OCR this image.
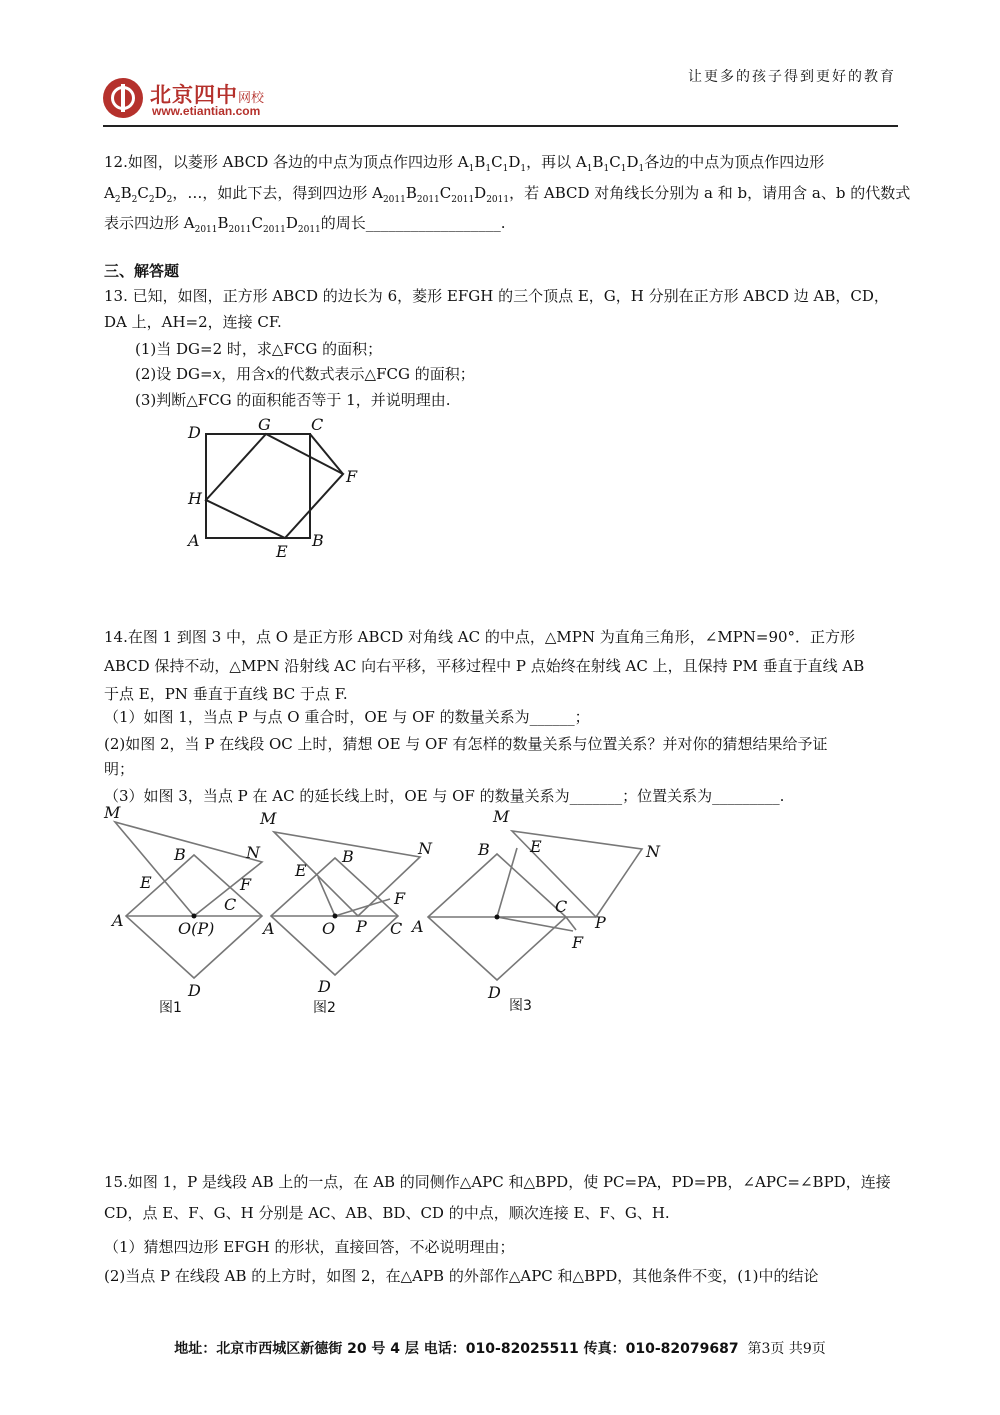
北京四中网校
www.etiantian.com
让更多的孩子得到更好的教育
12.如图，以菱形 ABCD 各边的中点为顶点作四边形 $A_1B_1C_1D_1$，再以 $A_1B_1C_1D_1$各边的中点为顶点作四边形
$A_2B_2C_2D_2$，…，如此下去，得到四边形 $A_{2011}B_{2011}C_{2011}D_{2011}$，若 ABCD 对角线长分别为 a 和 b，请用含 a、b 的代数式
表示四边形 $A_{2011}B_{2011}C_{2011}D_{2011}$的周长__________________.
三、解答题
13. 已知，如图，正方形 ABCD 的边长为 6，菱形 EFGH 的三个顶点 E，G，H 分别在正方形 ABCD 边 AB，CD，
DA 上，AH=2，连接 CF.
(1)当 DG=2 时，求△FCG 的面积；
(2)设 DG=x，用含x的代数式表示△FCG 的面积；
(3)判断△FCG 的面积能否等于 1，并说明理由.
D	G	C
F
H
A
E
B
14.在图 1 到图 3 中，点 O 是正方形 ABCD 对角线 AC 的中点，△MPN 为直角三角形，∠MPN=90°．正方形
ABCD 保持不动，△MPN 沿射线 AC 向右平移，平移过程中 P 点始终在射线 AC 上，且保持 PM 垂直于直线 AB
于点 E，PN 垂直于直线 BC 于点 F.
（1）如图 1，当点 P 与点 O 重合时，OE 与 OF 的数量关系为______；
(2)如图 2，当 P 在线段 OC 上时，猜想 OE 与 OF 有怎样的数量关系与位置关系？并对你的猜想结果给予证
明；
（3）如图 3，当点 P 在 AC 的延长线上时，OE 与 OF 的数量关系为_______；位置关系为_________.
M
B	N
E	F
C
A	O(P)	A
D
图1
M
B	N
E
F
O P C A
D
图2
M
B	E	N
C
P
F
D
图3
15.如图 1，P 是线段 AB 上的一点，在 AB 的同侧作△APC 和△BPD，使 PC=PA，PD=PB，∠APC=∠BPD，连接
CD，点 E、F、G、H 分别是 AC、AB、BD、CD 的中点，顺次连接 E、F、G、H.
（1）猜想四边形 EFGH 的形状，直接回答，不必说明理由；
(2)当点 P 在线段 AB 的上方时，如图 2，在△APB 的外部作△APC 和△BPD，其他条件不变，(1)中的结论
地址：北京市西城区新德街 20 号 4 层 电话：010-82025511 传真：010-82079687 第3页 共9页
